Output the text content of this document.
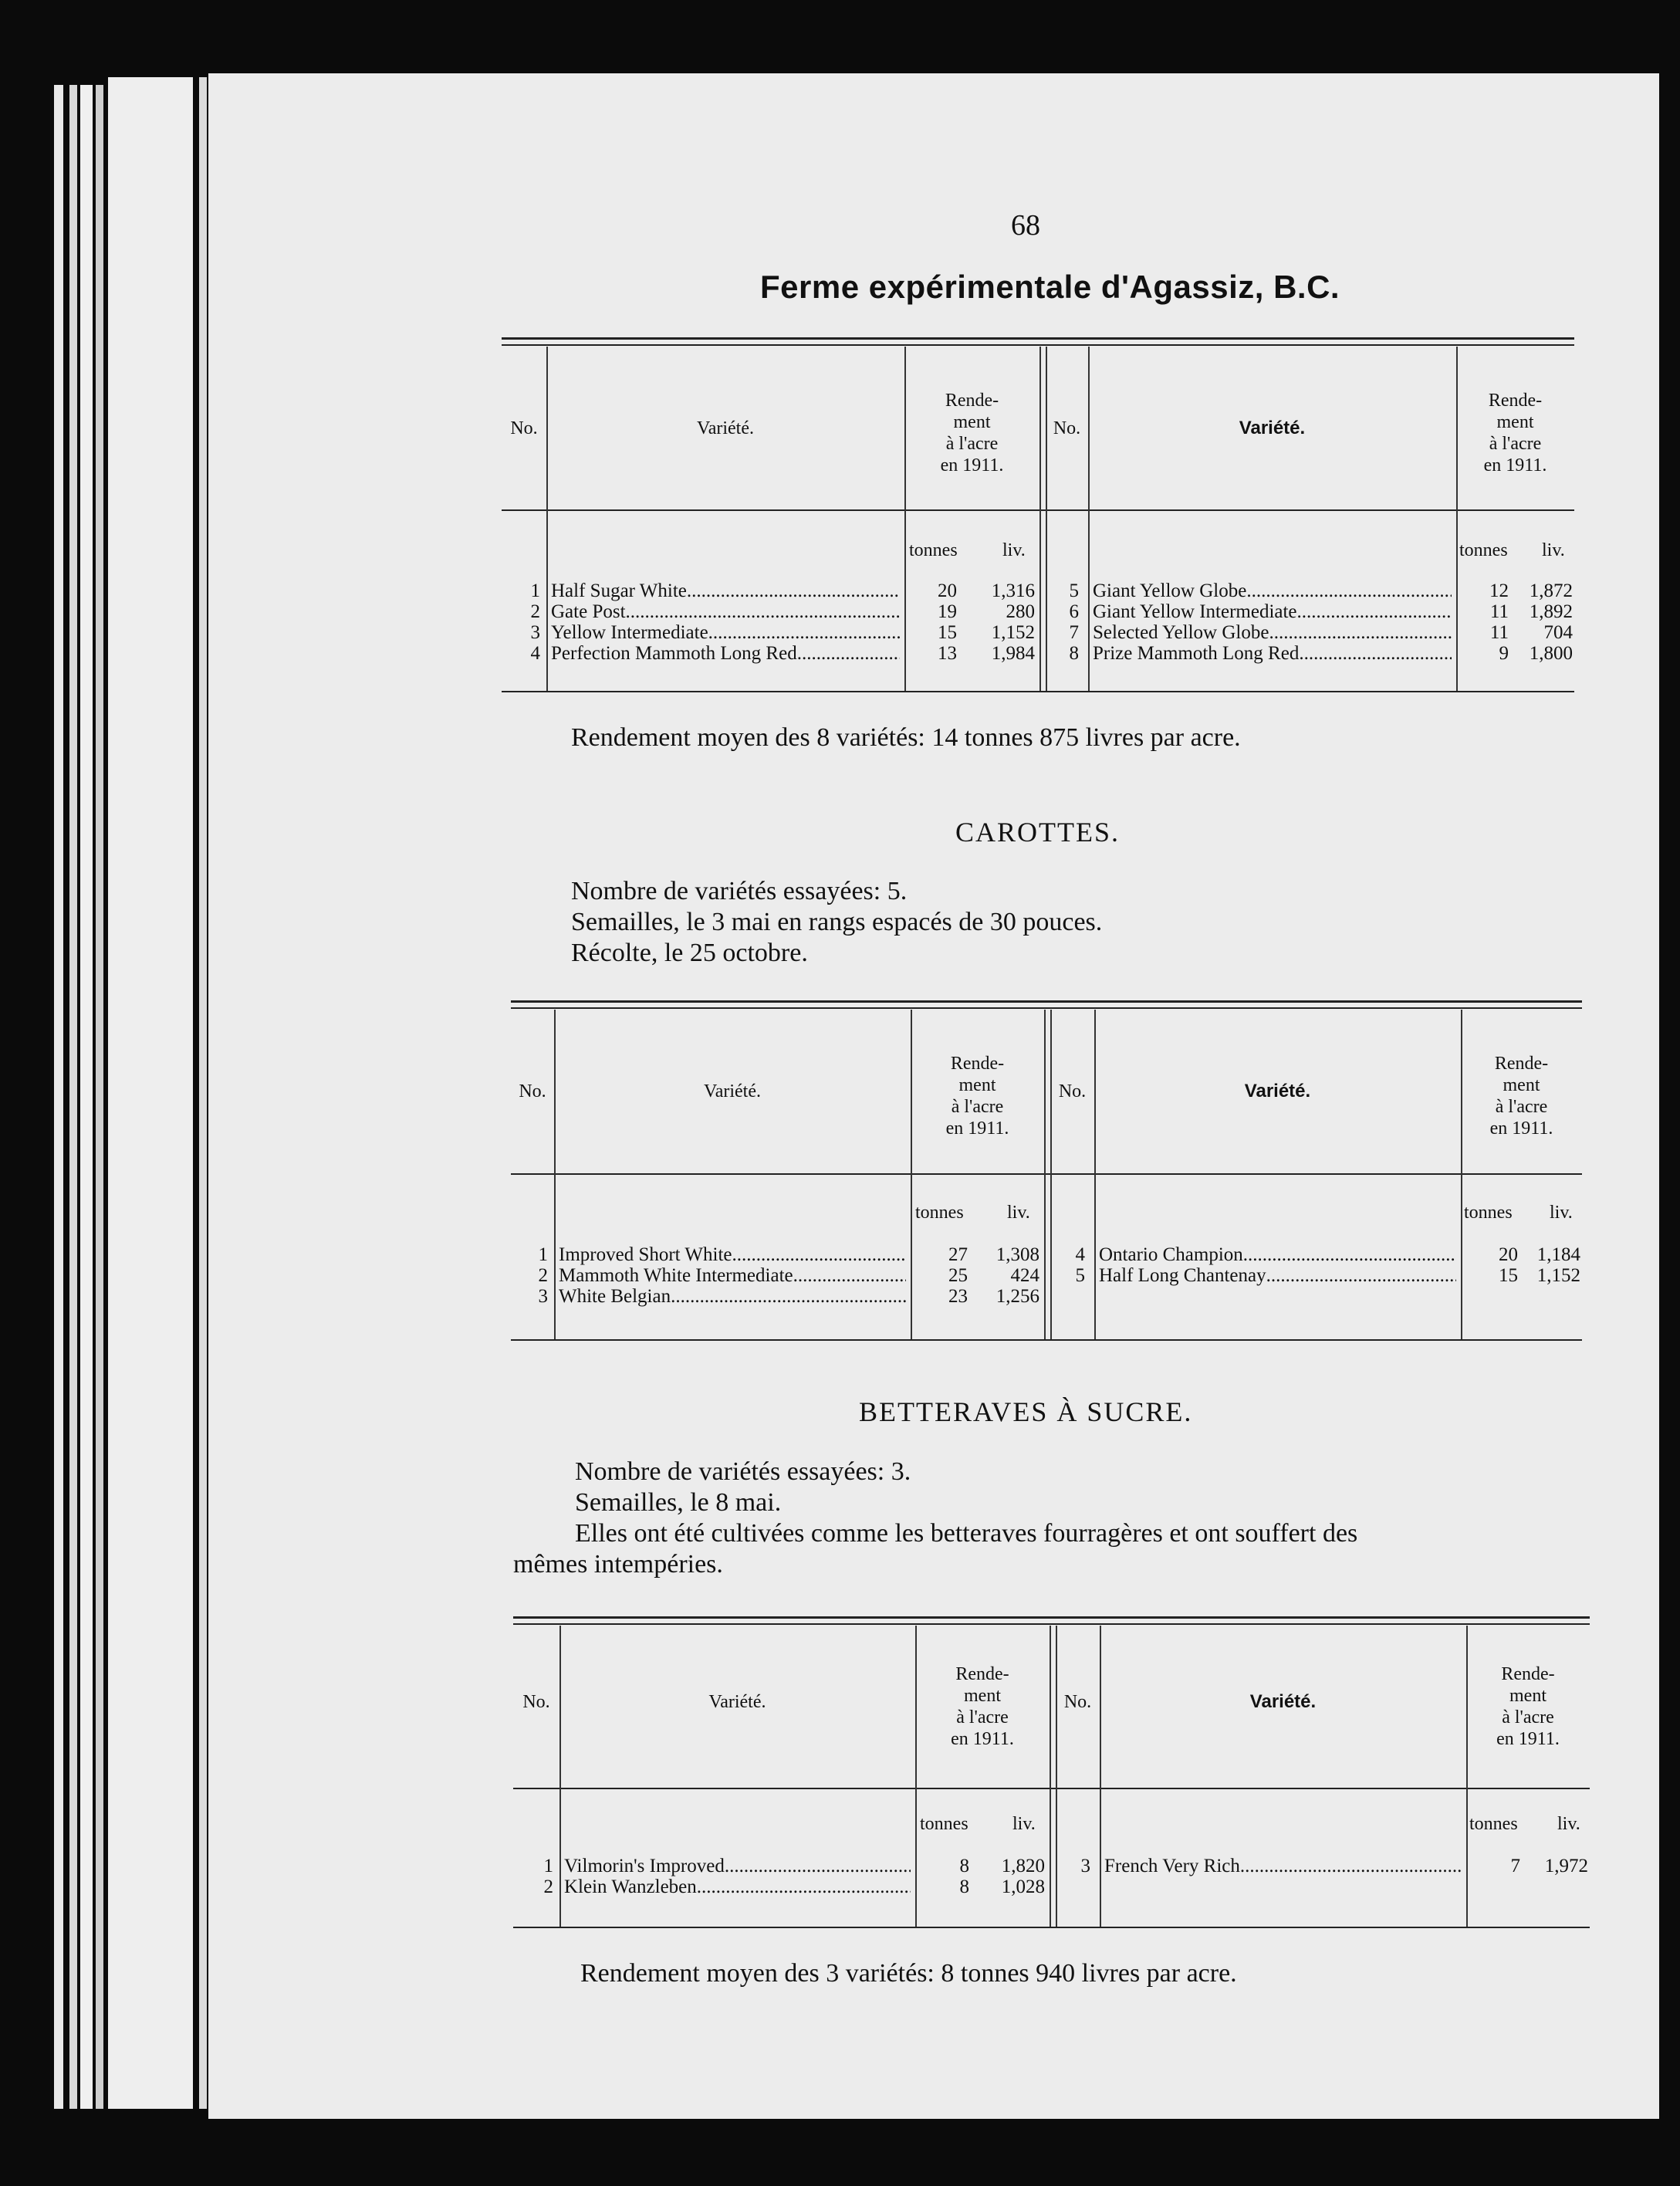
68
Ferme expérimentale d'Agassiz, B.C.
No.	Variété.
Rende-
ment
à l'acre
en 1911.
No.	Variété.
Rende-
ment
à l'acre
en 1911.
tonnes liv.	tonnes liv.
1 Half Sugar White .....	20	1,316
2 Gate Post .....	19	280
3 Yellow Intermediate .....	15	1,152
4 Perfection Mammoth Long Red .....	13	1,984
5 Giant Yellow Globe .....	12	1,872
6 Giant Yellow Intermediate .....	11	1,892
7 Selected Yellow Globe .....	11	704
8 Prize Mammoth Long Red .....	9	1,800
Rendement moyen des 8 variétés: 14 tonnes 875 livres par acre.
CAROTTES.
Nombre de variétés essayées: 5.
Semailles, le 3 mai en rangs espacés de 30 pouces.
Récolte, le 25 octobre.
No.	Variété.
Rende-
ment
à l'acre
en 1911.
No.	Variété.
Rende-
ment
à l'acre
en 1911.
tonnes liv.	tonnes liv.
1 Improved Short White .....	27	1,308
2 Mammoth White Intermediate .....	25	424
3 White Belgian .....	23	1,256
4 Ontario Champion .....	20 1,184
5 Half Long Chantenay .....	15 1,152
BETTERAVES À SUCRE.
Nombre de variétés essayées: 3.
Semailles, le 8 mai.
Elles ont été cultivées comme les betteraves fourragères et ont souffert des
mêmes intempéries.
No.	Variété.
Rende-
ment
à l'acre
en 1911.
No.	Variété.
Rende-
ment
à l'acre
en 1911.
tonnes liv.	tonnes liv.
1 Vilmorin's Improved .....	8	1,820
2 Klein Wanzleben .....	8	1,028
3 French Very Rich .....	7	1,972
Rendement moyen des 3 variétés: 8 tonnes 940 livres par acre.
